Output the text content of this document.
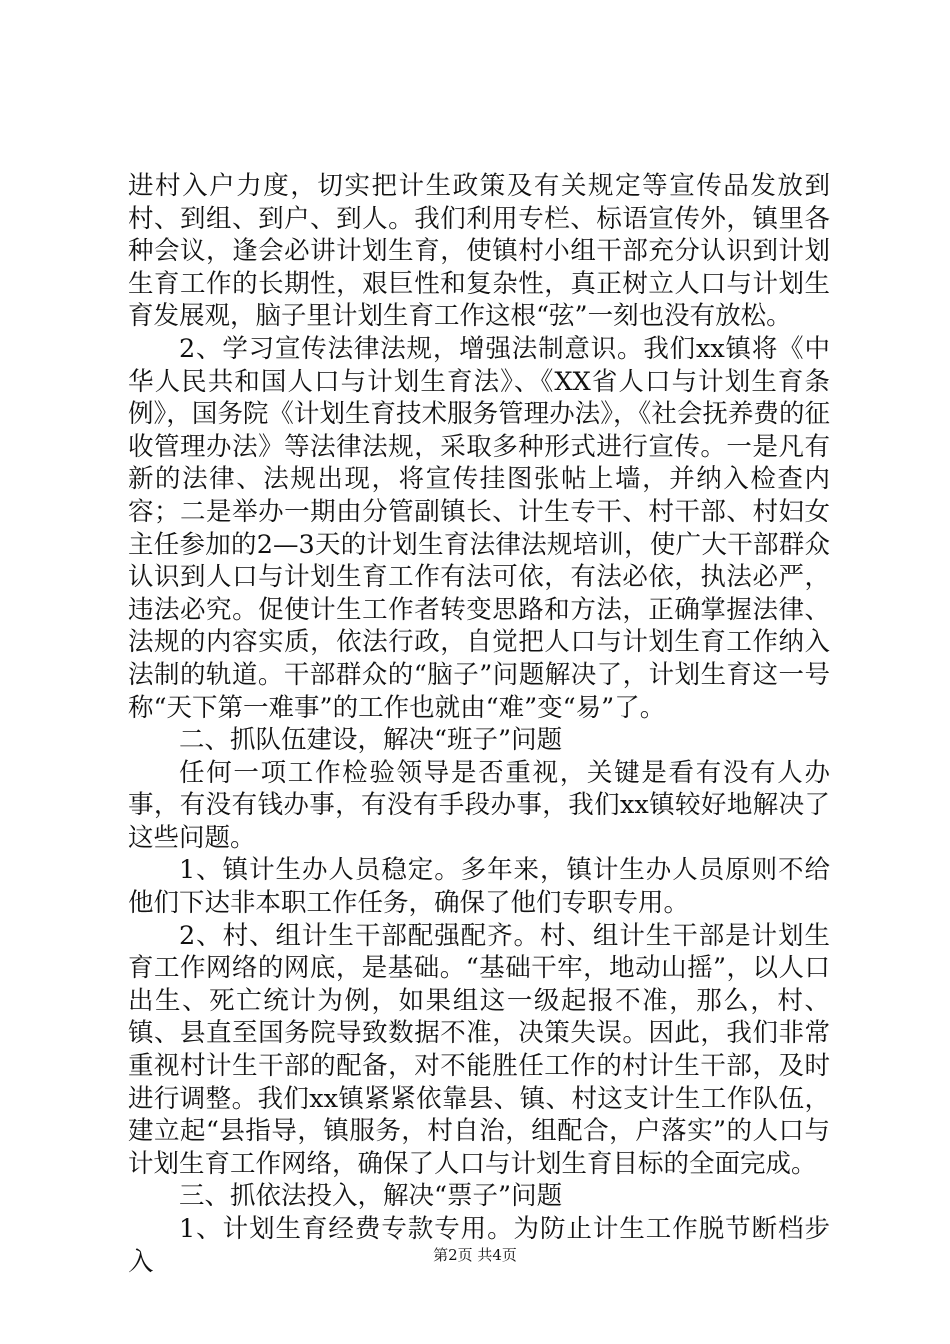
进村入户力度，切实把计生政策及有关规定等宣传品发放到村、到组、到户、到人。我们利用专栏、标语宣传外，镇里各种会议，逢会必讲计划生育，使镇村小组干部充分认识到计划生育工作的长期性，艰巨性和复杂性，真正树立人口与计划生育发展观，脑子里计划生育工作这根“弦”一刻也没有放松。

2、学习宣传法律法规，增强法制意识。我们xx镇将《中华人民共和国人口与计划生育法》、《XX省人口与计划生育条例》，国务院《计划生育技术服务管理办法》，《社会抚养费的征收管理办法》等法律法规，采取多种形式进行宣传。一是凡有新的法律、法规出现，将宣传挂图张帖上墙，并纳入检查内容；二是举办一期由分管副镇长、计生专干、村干部、村妇女主任参加的2—3天的计划生育法律法规培训，使广大干部群众认识到人口与计划生育工作有法可依，有法必依，执法必严，违法必究。促使计生工作者转变思路和方法，正确掌握法律、法规的内容实质，依法行政，自觉把人口与计划生育工作纳入法制的轨道。干部群众的“脑子”问题解决了，计划生育这一号称“天下第一难事”的工作也就由“难”变“易”了。

二、抓队伍建设，解决“班子”问题

任何一项工作检验领导是否重视，关键是看有没有人办事，有没有钱办事，有没有手段办事，我们xx镇较好地解决了这些问题。

1、镇计生办人员稳定。多年来，镇计生办人员原则不给他们下达非本职工作任务，确保了他们专职专用。

2、村、组计生干部配强配齐。村、组计生干部是计划生育工作网络的网底，是基础。“基础干牢，地动山摇”，以人口出生、死亡统计为例，如果组这一级起报不准，那么，村、镇、县直至国务院导致数据不准，决策失误。因此，我们非常重视村计生干部的配备，对不能胜任工作的村计生干部，及时进行调整。我们xx镇紧紧依靠县、镇、村这支计生工作队伍，建立起“县指导，镇服务，村自治，组配合，户落实”的人口与计划生育工作网络，确保了人口与计划生育目标的全面完成。

三、抓依法投入，解决“票子”问题

1、计划生育经费专款专用。为防止计生工作脱节断档步入	第2页 共4页
